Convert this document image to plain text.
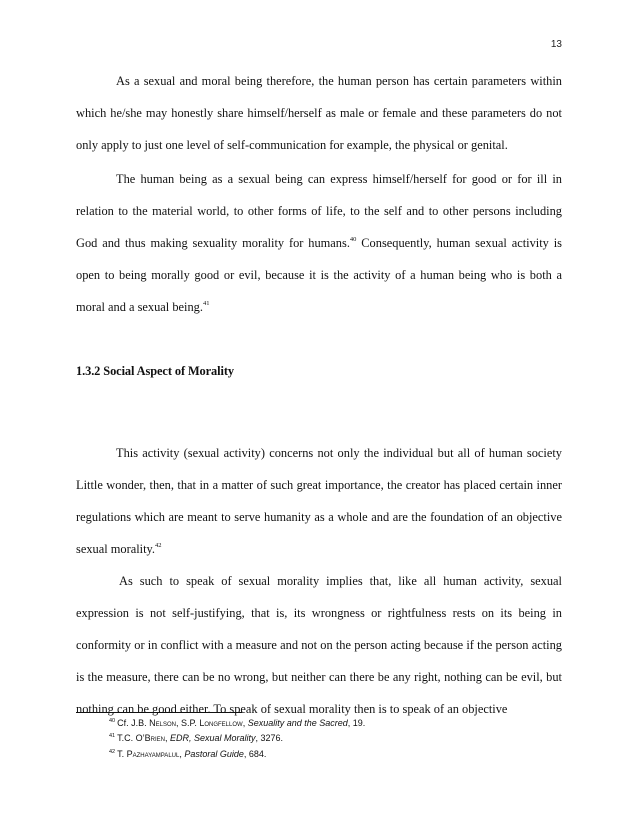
13

As a sexual and moral being therefore, the human person has certain parameters within which he/she may honestly share himself/herself as male or female and these parameters do not only apply to just one level of self-communication for example, the physical or genital.

The human being as a sexual being can express himself/herself for good or for ill in relation to the material world, to other forms of life, to the self and to other persons including God and thus making sexuality morality for humans.$^{40}$ Consequently, human sexual activity is open to being morally good or evil, because it is the activity of a human being who is both a moral and a sexual being.$^{41}$

1.3.2 Social Aspect of Morality

This activity (sexual activity) concerns not only the individual but all of human society Little wonder, then, that in a matter of such great importance, the creator has placed certain inner regulations which are meant to serve humanity as a whole and are the foundation of an objective sexual morality.$^{42}$

As such to speak of sexual morality implies that, like all human activity, sexual expression is not self-justifying, that is, its wrongness or rightfulness rests on its being in conformity or in conflict with a measure and not on the person acting because if the person acting is the measure, there can be no wrong, but neither can there be any right, nothing can be evil, but nothing can be good either. To speak of sexual morality then is to speak of an objective

$^{40}$ Cf. J.B. Nelson, S.P. Longfellow, Sexuality and the Sacred, 19.
$^{41}$ T.C. O’Brien, EDR, Sexual Morality, 3276.
$^{42}$ T. Pazhayampalul, Pastoral Guide, 684.
